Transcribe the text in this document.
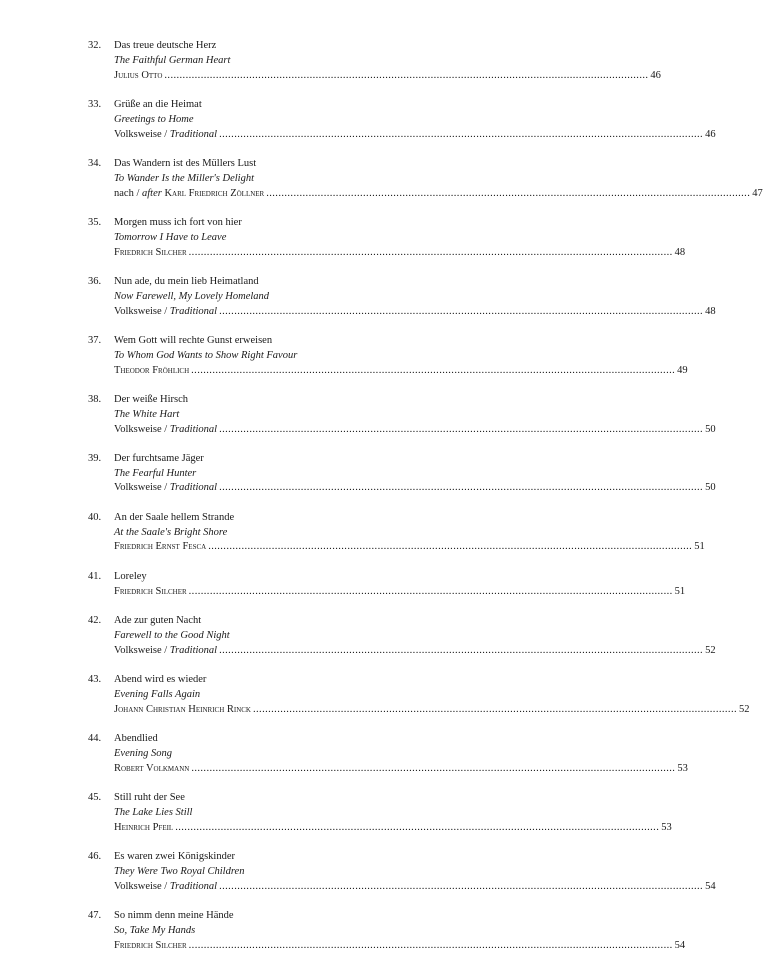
32.	Das treue deutsche Herz
The Faithful German Heart
Julius Otto .....	46
33.	Grüße an die Heimat
Greetings to Home
Volksweise / Traditional .....	46
34.	Das Wandern ist des Müllers Lust
To Wander Is the Miller's Delight
nach / after Karl Friedrich Zöllner .....	47
35.	Morgen muss ich fort von hier
Tomorrow I Have to Leave
Friedrich Silcher .....	48
36.	Nun ade, du mein lieb Heimatland
Now Farewell, My Lovely Homeland
Volksweise / Traditional .....	48
37.	Wem Gott will rechte Gunst erweisen
To Whom God Wants to Show Right Favour
Theodor Fröhlich .....	49
38.	Der weiße Hirsch
The White Hart
Volksweise / Traditional .....	50
39.	Der furchtsame Jäger
The Fearful Hunter
Volksweise / Traditional .....	50
40.	An der Saale hellem Strande
At the Saale's Bright Shore
Friedrich Ernst Fesca .....	51
41.	Loreley
Friedrich Silcher .....	51
42.	Ade zur guten Nacht
Farewell to the Good Night
Volksweise / Traditional .....	52
43.	Abend wird es wieder
Evening Falls Again
Johann Christian Heinrich Rinck .....	52
44.	Abendlied
Evening Song
Robert Volkmann .....	53
45.	Still ruht der See
The Lake Lies Still
Heinrich Pfeil .....	53
46.	Es waren zwei Königskinder
They Were Two Royal Children
Volksweise / Traditional .....	54
47.	So nimm denn meine Hände
So, Take My Hands
Friedrich Silcher .....	54
